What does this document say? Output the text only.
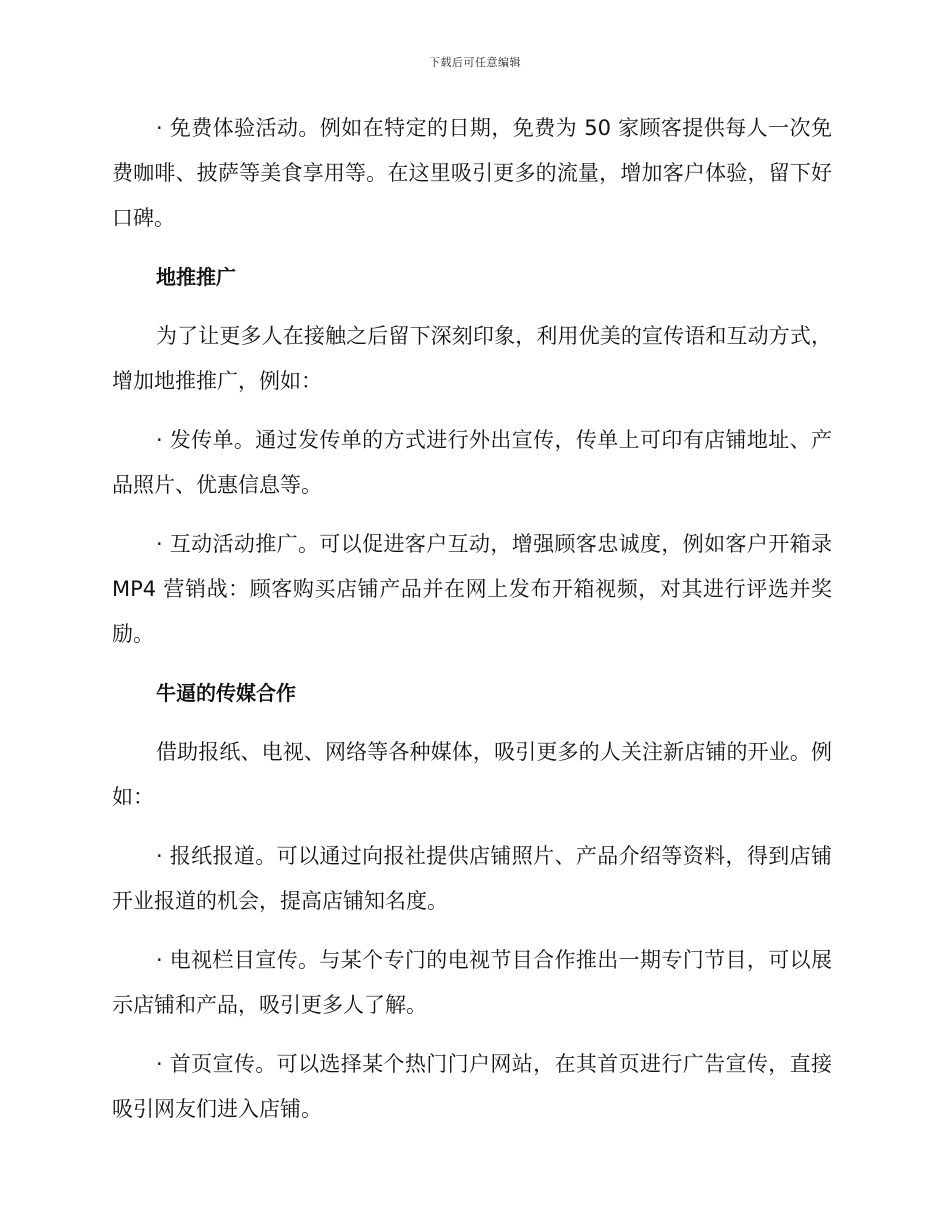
下载后可任意编辑

· 免费体验活动。例如在特定的日期，免费为 50 家顾客提供每人一次免费咖啡、披萨等美食享用等。在这里吸引更多的流量，增加客户体验，留下好口碑。

地推推广

为了让更多人在接触之后留下深刻印象，利用优美的宣传语和互动方式，增加地推推广，例如：

· 发传单。通过发传单的方式进行外出宣传，传单上可印有店铺地址、产品照片、优惠信息等。

· 互动活动推广。可以促进客户互动，增强顾客忠诚度，例如客户开箱录 MP4 营销战：顾客购买店铺产品并在网上发布开箱视频，对其进行评选并奖励。

牛逼的传媒合作

借助报纸、电视、网络等各种媒体，吸引更多的人关注新店铺的开业。例如：

· 报纸报道。可以通过向报社提供店铺照片、产品介绍等资料，得到店铺开业报道的机会，提高店铺知名度。

· 电视栏目宣传。与某个专门的电视节目合作推出一期专门节目，可以展示店铺和产品，吸引更多人了解。

· 首页宣传。可以选择某个热门门户网站，在其首页进行广告宣传，直接吸引网友们进入店铺。
